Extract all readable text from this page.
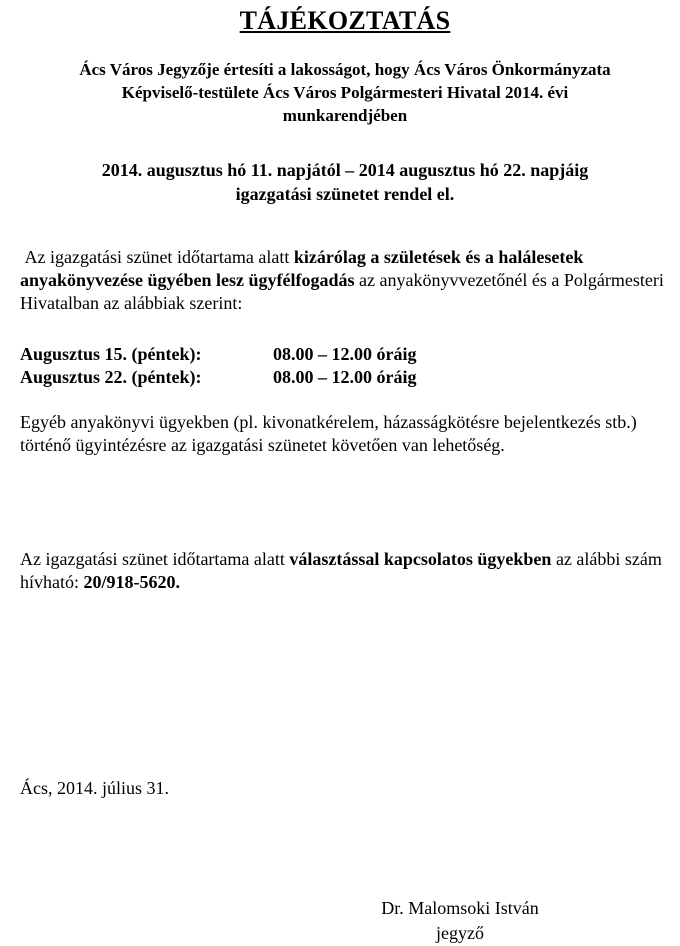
TÁJÉKOZTATÁS
Ács Város Jegyzője értesíti a lakosságot, hogy Ács Város Önkormányzata
Képviselő-testülete Ács Város Polgármesteri Hivatal 2014. évi
munkarendjében
2014. augusztus hó 11. napjától – 2014 augusztus hó 22. napjáig
igazgatási szünetet rendel el.
Az igazgatási szünet időtartama alatt kizárólag a születések és a halálesetek anyakönyvezése ügyében lesz ügyfélfogadás az anyakönyvvezetőnél és a Polgármesteri Hivatalban az alábbiak szerint:
Augusztus 15. (péntek):	08.00 – 12.00 óráig
Augusztus 22. (péntek):	08.00 – 12.00 óráig
Egyéb anyakönyvi ügyekben (pl. kivonatkérelem, házasságkötésre bejelentkezés stb.) történő ügyintézésre az igazgatási szünetet követően van lehetőség.
Az igazgatási szünet időtartama alatt választással kapcsolatos ügyekben az alábbi szám hívható: 20/918-5620.
Ács, 2014. július 31.
Dr. Malomsoki István
jegyző
